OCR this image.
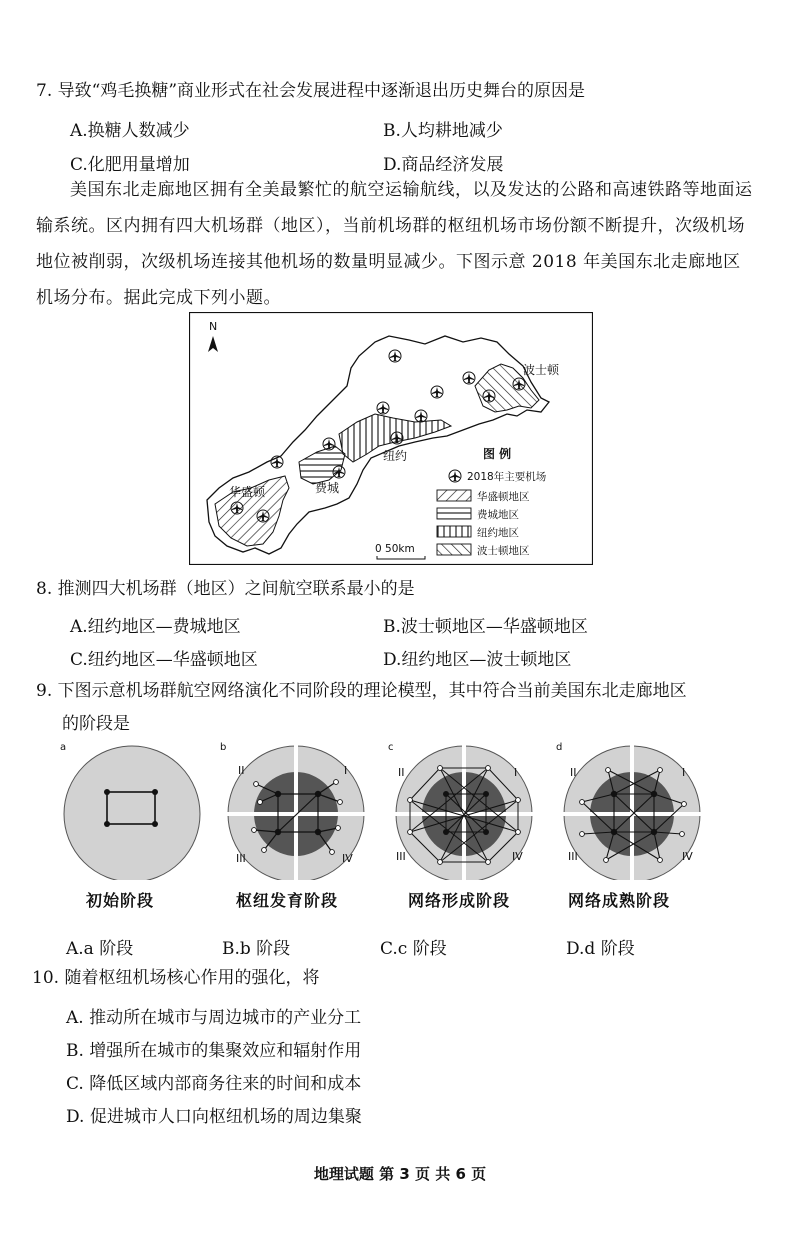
7. 导致“鸡毛换糖”商业形式在社会发展进程中逐渐退出历史舞台的原因是
A.换糖人数减少	B.人均耕地减少
C.化肥用量增加	D.商品经济发展
美国东北走廊地区拥有全美最繁忙的航空运输航线，以及发达的公路和高速铁路等地面运输系统。区内拥有四大机场群（地区），当前机场群的枢纽机场市场份额不断提升，次级机场地位被削弱，次级机场连接其他机场的数量明显减少。下图示意 2018 年美国东北走廊地区机场分布。据此完成下列小题。
N
波士顿
纽约
费城
华盛顿
图 例
2018年主要机场
华盛顿地区
费城地区
纽约地区
波士顿地区
0 50km
8. 推测四大机场群（地区）之间航空联系最小的是
A.纽约地区—费城地区	B.波士顿地区—华盛顿地区
C.纽约地区—华盛顿地区	D.纽约地区—波士顿地区
9. 下图示意机场群航空网络演化不同阶段的理论模型，其中符合当前美国东北走廊地区
的阶段是
a	b
II	I
III	IV
c
II	I
III	IV
d
II	I
III	IV
初始阶段	枢纽发育阶段	网络形成阶段	网络成熟阶段
A.a 阶段	B.b 阶段	C.c 阶段	D.d 阶段
10. 随着枢纽机场核心作用的强化，将
A. 推动所在城市与周边城市的产业分工
B. 增强所在城市的集聚效应和辐射作用
C. 降低区域内部商务往来的时间和成本
D. 促进城市人口向枢纽机场的周边集聚
地理试题 第 3 页 共 6 页
